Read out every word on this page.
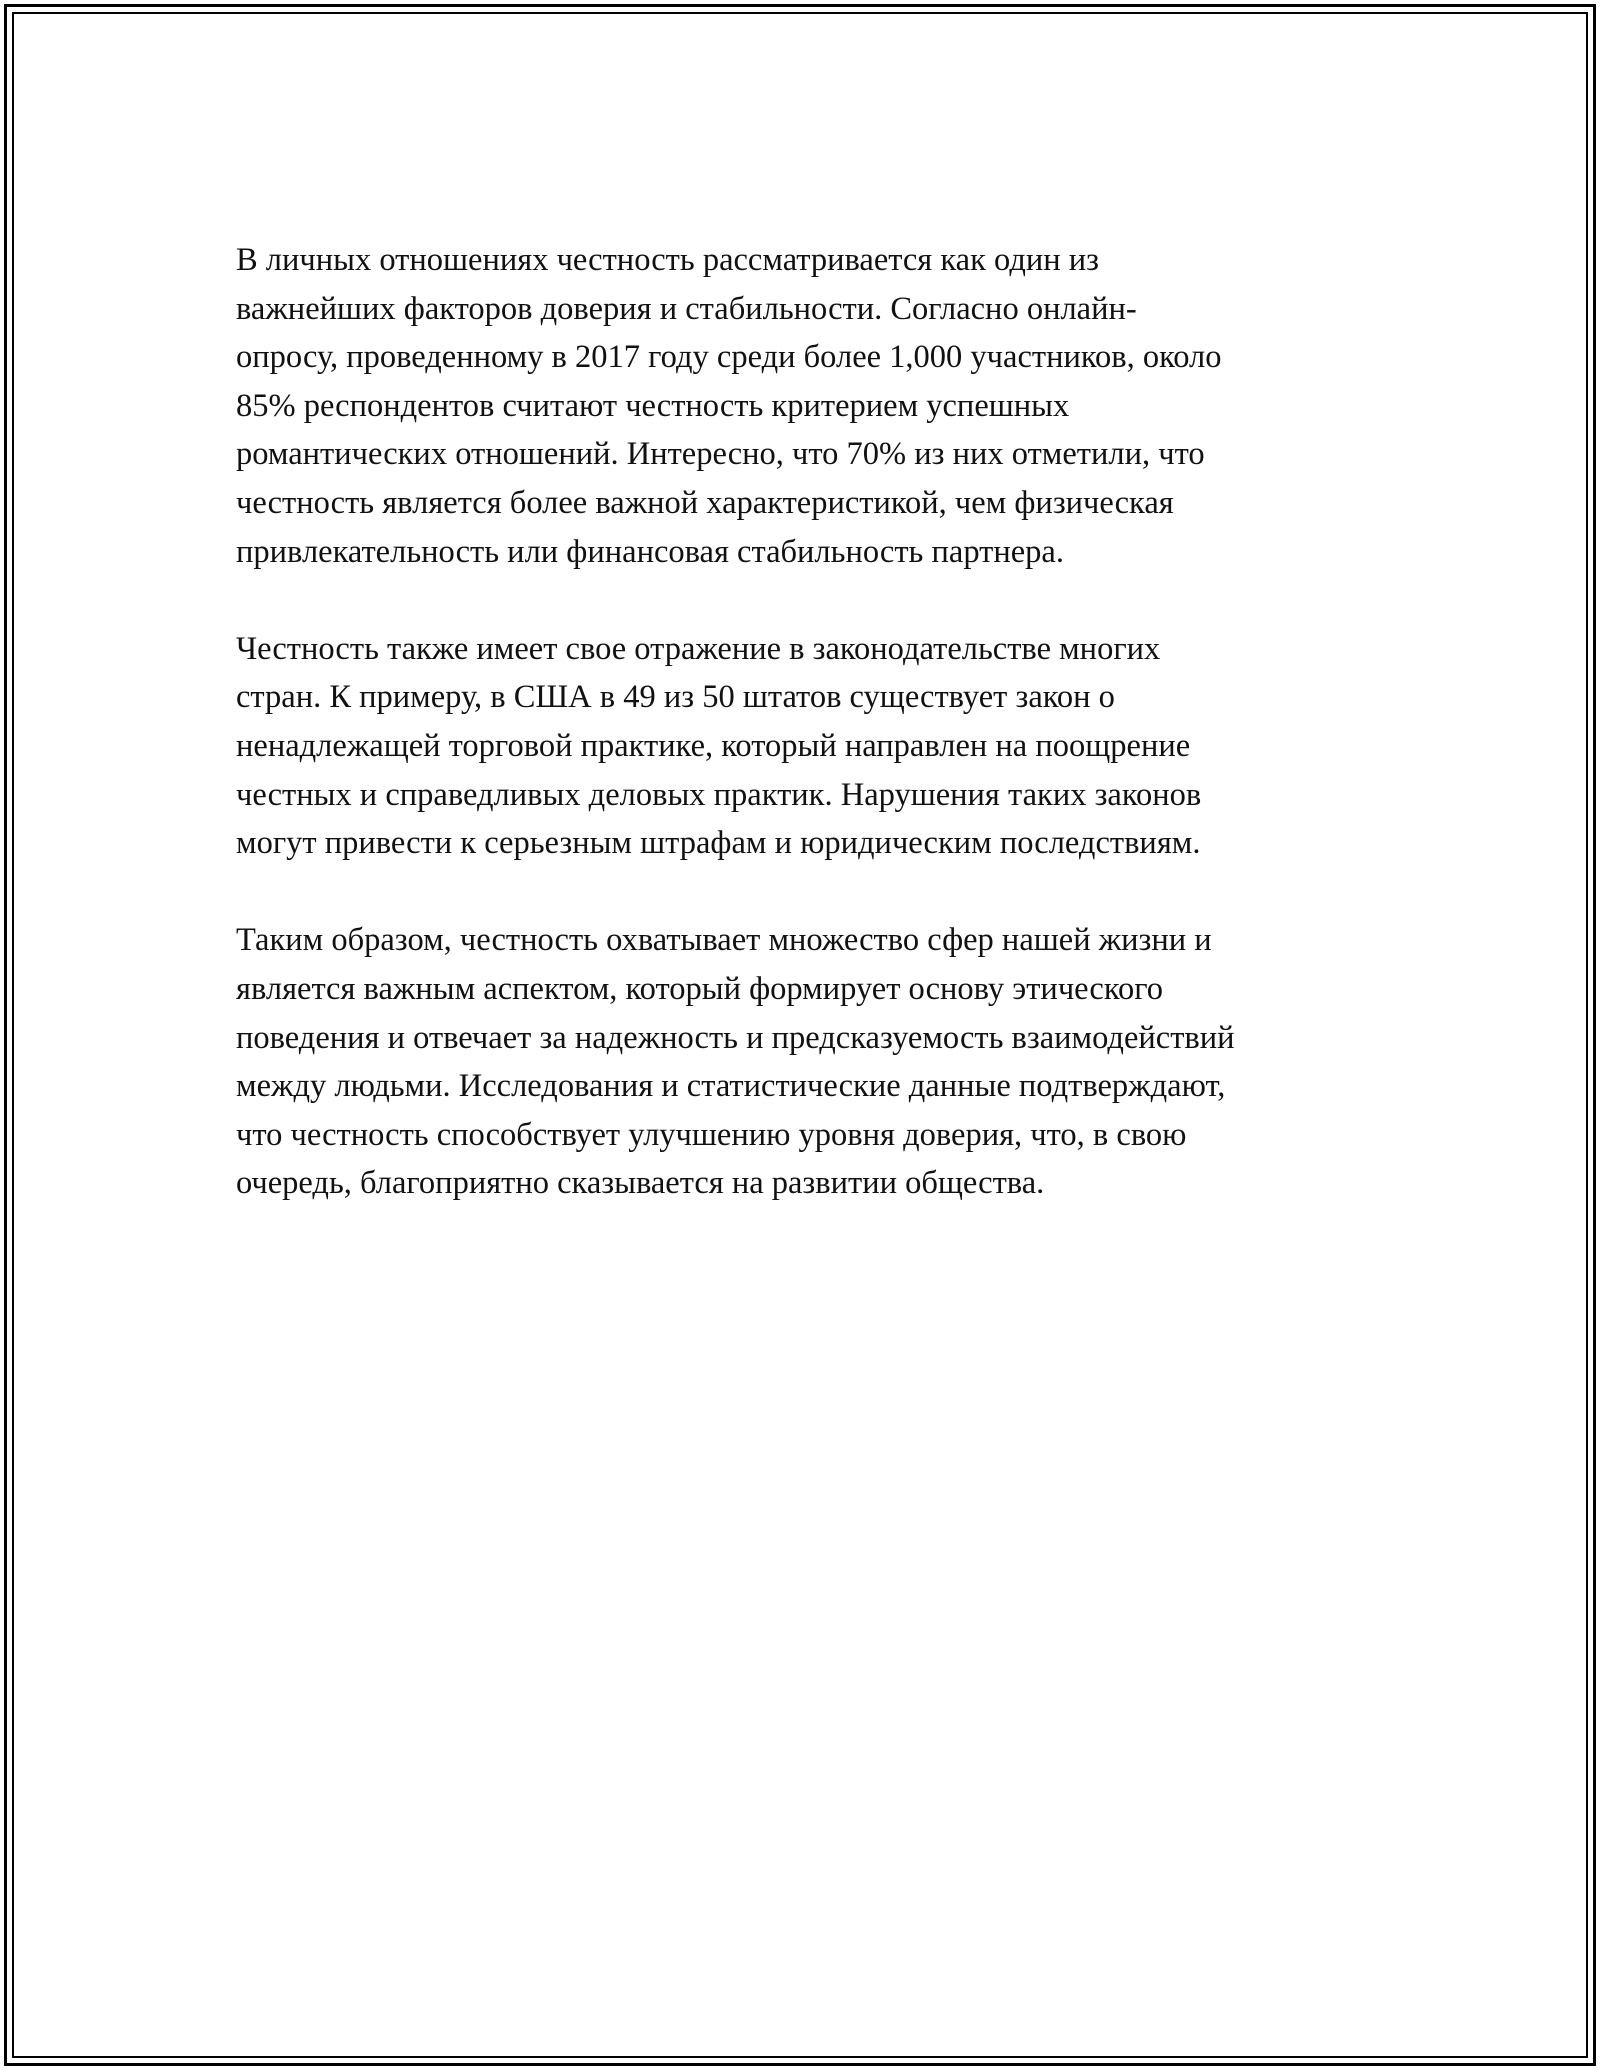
В личных отношениях честность рассматривается как один из
важнейших факторов доверия и стабильности. Согласно онлайн-
опросу, проведенному в 2017 году среди более 1,000 участников, около
85% респондентов считают честность критерием успешных
романтических отношений. Интересно, что 70% из них отметили, что
честность является более важной характеристикой, чем физическая
привлекательность или финансовая стабильность партнера.

Честность также имеет свое отражение в законодательстве многих
стран. К примеру, в США в 49 из 50 штатов существует закон о
ненадлежащей торговой практике, который направлен на поощрение
честных и справедливых деловых практик. Нарушения таких законов
могут привести к серьезным штрафам и юридическим последствиям.

Таким образом, честность охватывает множество сфер нашей жизни и
является важным аспектом, который формирует основу этического
поведения и отвечает за надежность и предсказуемость взаимодействий
между людьми. Исследования и статистические данные подтверждают,
что честность способствует улучшению уровня доверия, что, в свою
очередь, благоприятно сказывается на развитии общества.
